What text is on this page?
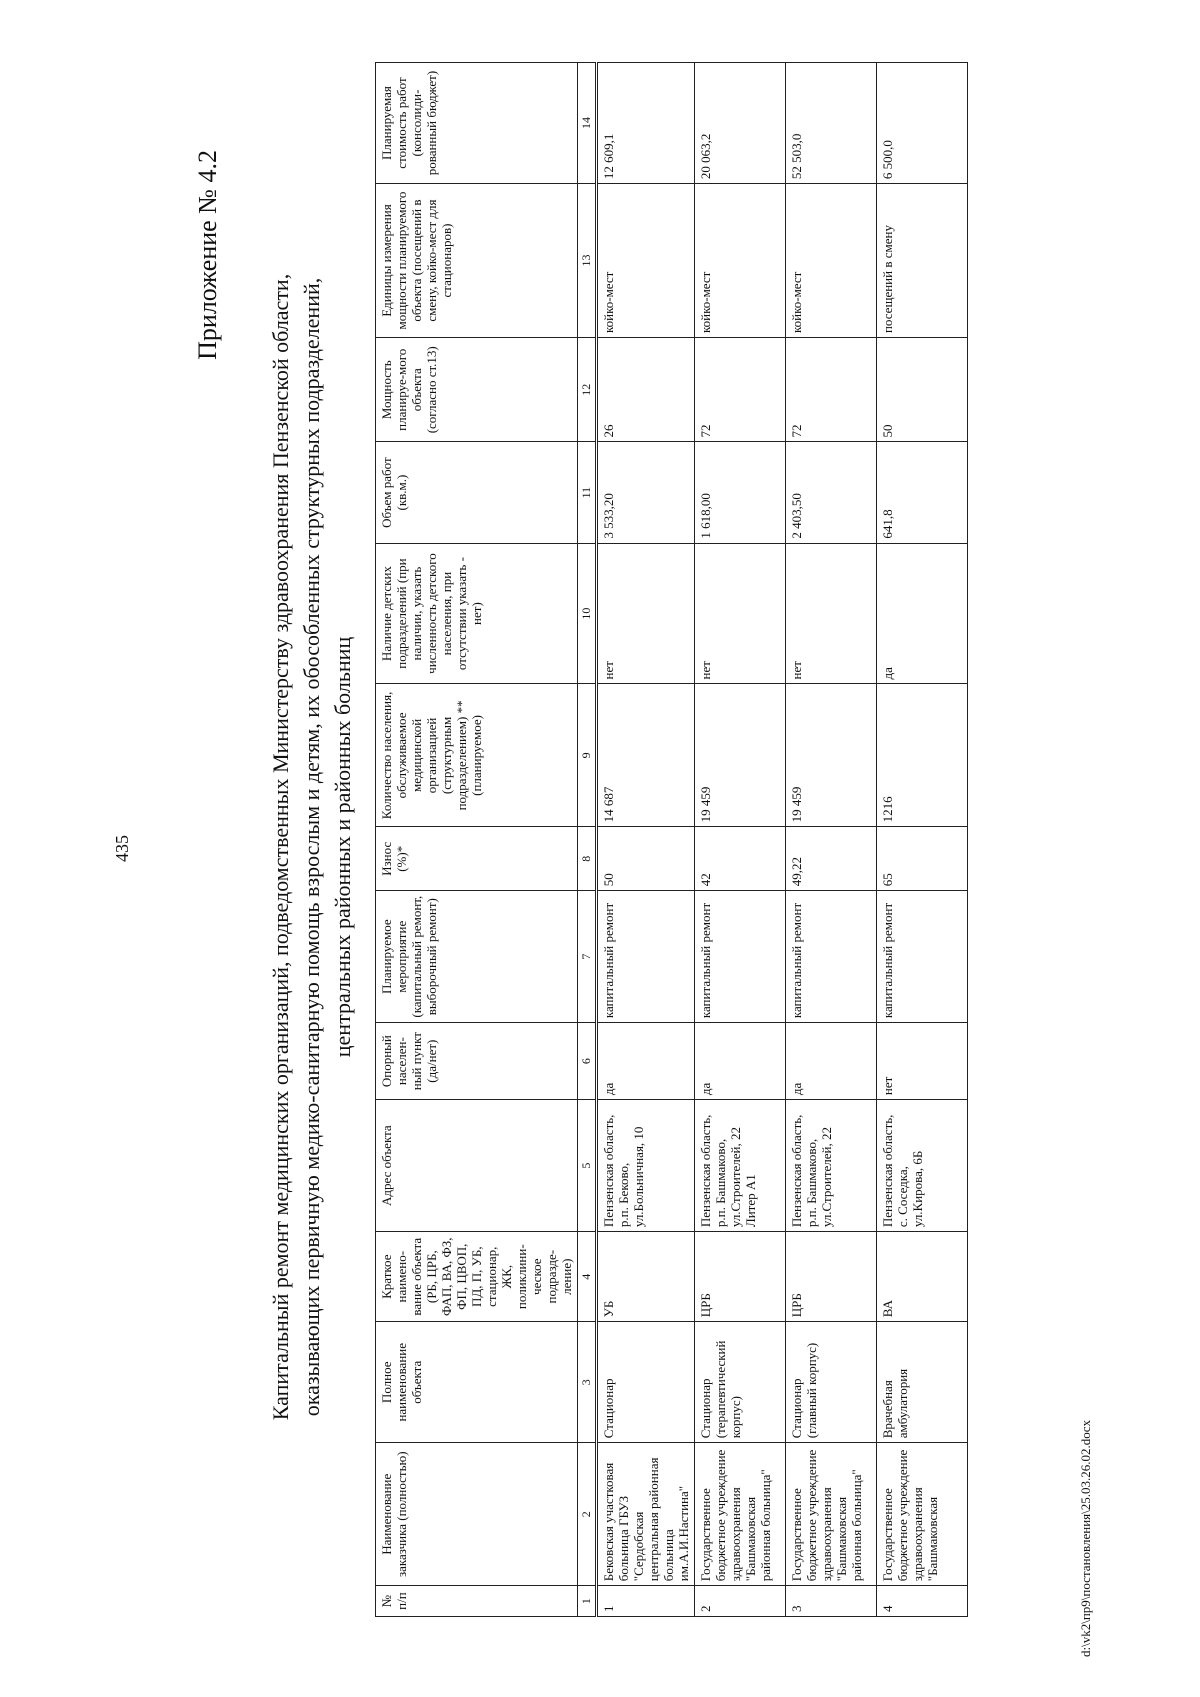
435
Приложение № 4.2
Капитальный ремонт медицинских организаций, подведомственных Министерству здравоохранения Пензенской области, оказывающих первичную медико-санитарную помощь взрослым и детям, их обособленных структурных подразделений, центральных районных и районных больниц
№ п/п	Наименование заказчика (полностью)	Полное наименование объекта	Краткое наимено-вание объекта (РБ, ЦРБ, ФАП, ВА, ФЗ, ФП, ЦВОП, ПД, П, УБ, стационар, ЖК, поликлини-ческое подразде-ление)	Адрес объекта	Опорный населен-ный пункт (да/нет)	Планируемое мероприятие (капитальный ремонт, выборочный ремонт)	Износ (%)*	Количество населения, обслуживаемое медицинской организацией (структурным подразделением) ** (планируемое)	Наличие детских подразделений (при наличии, указать численность детского населения, при отсутствии указать - нет)	Объем работ (кв.м.)	Мощность планируе-мого объекта (согласно ст.13)	Единицы измерения мощности планируемого объекта (посещений в смену, койко-мест для стационаров)	Планируемая стоимость работ (консолиди-рованный бюджет)
1	2	3	4	5	6	7	8	9	10	11	12	13	14
1	Бековская участковая больница ГБУЗ "Сердобская центральная районная больница им.А.И.Настина"	Стационар	УБ	Пензенская область, р.п. Беково, ул.Больничная, 10	да	капитальный ремонт	50	14 687	нет	3 533,20	26	койко-мест	12 609,1
2	Государственное бюджетное учреждение здравоохранения "Башмаковская районная больница"	Стационар (терапевтический корпус)	ЦРБ	Пензенская область, р.п. Башмаково, ул.Строителей, 22 Литер А1	да	капитальный ремонт	42	19 459	нет	1 618,00	72	койко-мест	20 063,2
3	Государственное бюджетное учреждение здравоохранения "Башмаковская районная больница"	Стационар (главный корпус)	ЦРБ	Пензенская область, р.п. Башмаково, ул.Строителей, 22	да	капитальный ремонт	49,22	19 459	нет	2 403,50	72	койко-мест	52 503,0
4	Государственное бюджетное учреждение здравоохранения "Башмаковская	Врачебная амбулатория	ВА	Пензенская область, с. Соседка, ул.Кирова, 6Б	нет	капитальный ремонт	65	1216	да	641,8	50	посещений в смену	6 500,0
d:\vk2\пр9\постановления\25.03.26.02.docx
